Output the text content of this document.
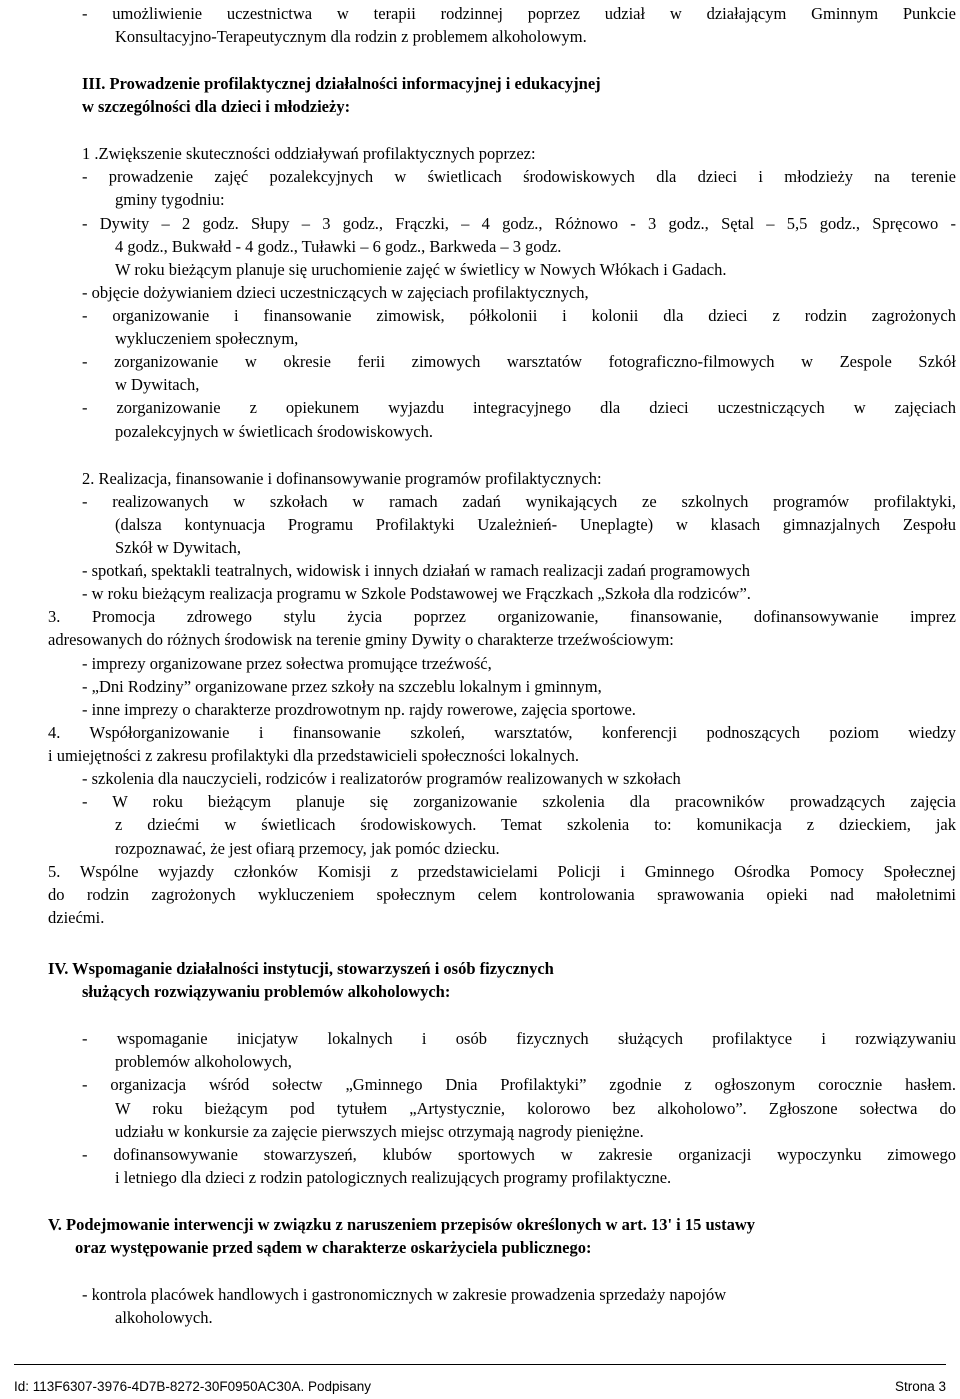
- umożliwienie uczestnictwa w terapii rodzinnej poprzez udział w działającym Gminnym Punkcie
Konsultacyjno-Terapeutycznym dla rodzin z problemem alkoholowym.
III. Prowadzenie profilaktycznej działalności informacyjnej i edukacyjnej
w szczególności dla dzieci i młodzieży:
1 .Zwiększenie skuteczności oddziaływań profilaktycznych poprzez:
- prowadzenie zajęć pozalekcyjnych w świetlicach środowiskowych dla dzieci i młodzieży na terenie
gminy tygodniu:
- Dywity – 2 godz. Słupy – 3 godz., Frączki, – 4 godz., Różnowo - 3 godz., Sętal – 5,5 godz., Spręcowo -
4 godz., Bukwałd - 4 godz., Tuławki – 6 godz., Barkweda – 3 godz.
W roku bieżącym planuje się uruchomienie zajęć w świetlicy w Nowych Włókach i Gadach.
- objęcie dożywianiem dzieci uczestniczących w zajęciach profilaktycznych,
- organizowanie i finansowanie zimowisk, półkolonii i kolonii dla dzieci z rodzin zagrożonych
wykluczeniem społecznym,
- zorganizowanie w okresie ferii zimowych warsztatów fotograficzno-filmowych w Zespole Szkół
w Dywitach,
- zorganizowanie z opiekunem wyjazdu integracyjnego dla dzieci uczestniczących w zajęciach
pozalekcyjnych w świetlicach środowiskowych.
2. Realizacja, finansowanie i dofinansowywanie programów profilaktycznych:
- realizowanych w szkołach w ramach zadań wynikających ze szkolnych programów profilaktyki,
(dalsza kontynuacja Programu Profilaktyki Uzależnień- Uneplagte) w klasach gimnazjalnych Zespołu
Szkół w Dywitach,
- spotkań, spektakli teatralnych, widowisk i innych działań w ramach realizacji zadań programowych
- w roku bieżącym realizacja programu w Szkole Podstawowej we Frączkach „Szkoła dla rodziców”.
3. Promocja zdrowego stylu życia poprzez organizowanie, finansowanie, dofinansowywanie imprez
adresowanych do różnych środowisk na terenie gminy Dywity o charakterze trzeźwościowym:
- imprezy organizowane przez sołectwa promujące trzeźwość,
- „Dni Rodziny” organizowane przez szkoły na szczeblu lokalnym i gminnym,
- inne imprezy o charakterze prozdrowotnym np. rajdy rowerowe, zajęcia sportowe.
4. Współorganizowanie i finansowanie szkoleń, warsztatów, konferencji podnoszących poziom wiedzy
i umiejętności z zakresu profilaktyki dla przedstawicieli społeczności lokalnych.
- szkolenia dla nauczycieli, rodziców i realizatorów programów realizowanych w szkołach
- W roku bieżącym planuje się zorganizowanie szkolenia dla pracowników prowadzących zajęcia
z dziećmi w świetlicach środowiskowych. Temat szkolenia to: komunikacja z dzieckiem, jak
rozpoznawać, że jest ofiarą przemocy, jak pomóc dziecku.
5. Wspólne wyjazdy członków Komisji z przedstawicielami Policji i Gminnego Ośrodka Pomocy Społecznej
do rodzin zagrożonych wykluczeniem społecznym celem kontrolowania sprawowania opieki nad małoletnimi
dziećmi.
IV. Wspomaganie działalności instytucji, stowarzyszeń i osób fizycznych
służących rozwiązywaniu problemów alkoholowych:
- wspomaganie inicjatyw lokalnych i osób fizycznych służących profilaktyce i rozwiązywaniu
problemów alkoholowych,
- organizacja wśród sołectw „Gminnego Dnia Profilaktyki” zgodnie z ogłoszonym corocznie hasłem.
W roku bieżącym pod tytułem „Artystycznie, kolorowo bez alkoholowo”. Zgłoszone sołectwa do
udziału w konkursie za zajęcie pierwszych miejsc otrzymają nagrody pieniężne.
- dofinansowywanie stowarzyszeń, klubów sportowych w zakresie organizacji wypoczynku zimowego
i letniego dla dzieci z rodzin patologicznych realizujących programy profilaktyczne.
V. Podejmowanie interwencji w związku z naruszeniem przepisów określonych w art. 13' i 15 ustawy
oraz występowanie przed sądem w charakterze oskarżyciela publicznego:
- kontrola placówek handlowych i gastronomicznych w zakresie prowadzenia sprzedaży napojów
alkoholowych.
Id: 113F6307-3976-4D7B-8272-30F0950AC30A. Podpisany	Strona 3
